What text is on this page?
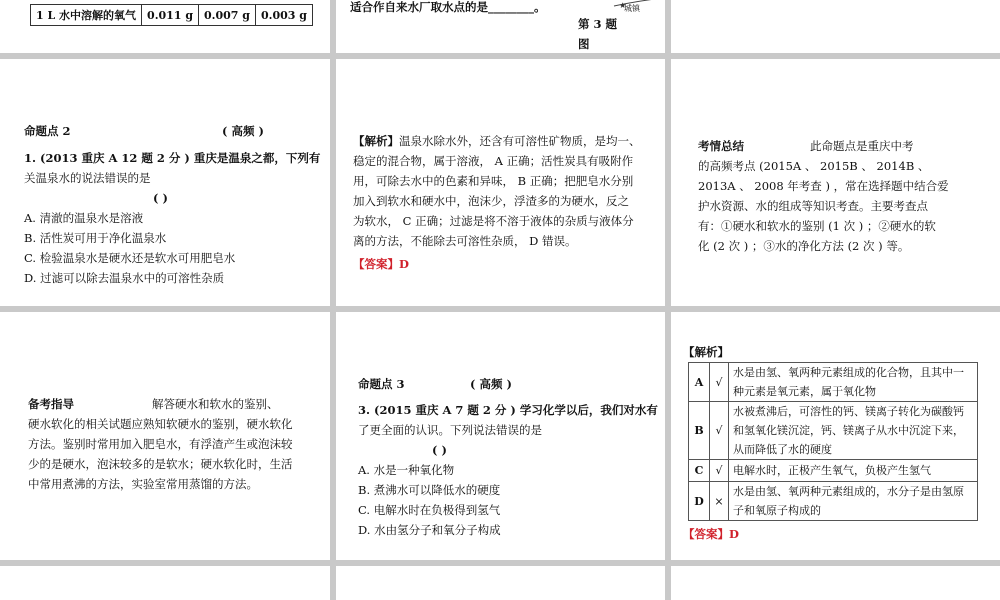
1 L 水中溶解的氧气	0.011 g	0.007 g	0.003 g
适合作自来水厂取水点的是________。
第 3 题
图
★
城镇
命题点 2	( 高频 )
1. (2013 重庆 A 12 题 2 分 ) 重庆是温泉之都，下列有
关温泉水的说法错误的是
( )
A. 清澈的温泉水是溶液
B. 活性炭可用于净化温泉水
C. 检验温泉水是硬水还是软水可用肥皂水
D. 过滤可以除去温泉水中的可溶性杂质
【解析】温泉水除水外，还含有可溶性矿物质，是均一、
稳定的混合物，属于溶液， A 正确；活性炭具有吸附作
用，可除去水中的色素和异味， B 正确；把肥皂水分别
加入到软水和硬水中，泡沫少，浮渣多的为硬水，反之
为软水， C 正确；过滤是将不溶于液体的杂质与液体分
离的方法，不能除去可溶性杂质， D 错误。
【答案】D
考情总结	此命题点是重庆中考
的高频考点 (2015A 、 2015B 、 2014B 、
2013A 、 2008 年考查 ) ，常在选择题中结合爱
护水资源、水的组成等知识考查。主要考查点
有：①硬水和软水的鉴别 (1 次 ) ；②硬水的软
化 (2 次 ) ；③水的净化方法 (2 次 ) 等。
备考指导	解答硬水和软水的鉴别、
硬水软化的相关试题应熟知软硬水的鉴别，硬水软化
方法。鉴别时常用加入肥皂水，有浮渣产生或泡沫较
少的是硬水，泡沫较多的是软水；硬水软化时，生活
中常用煮沸的方法，实验室常用蒸馏的方法。
命题点 3	( 高频 )
3. (2015 重庆 A 7 题 2 分 ) 学习化学以后，我们对水有
了更全面的认识。下列说法错误的是
( )
A. 水是一种氧化物
B. 煮沸水可以降低水的硬度
C. 电解水时在负极得到氢气
D. 水由氢分子和氧分子构成
【解析】
A	√	水是由氢、氧两种元素组成的化合物，且其中一种元素是氧元素，属于氧化物
B	√	水被煮沸后，可溶性的钙、镁离子转化为碳酸钙和氢氧化镁沉淀，钙、镁离子从水中沉淀下来，从而降低了水的硬度
C	√	电解水时，正极产生氧气，负极产生氢气
D	×	水是由氢、氧两种元素组成的，水分子是由氢原子和氧原子构成的
【答案】D
